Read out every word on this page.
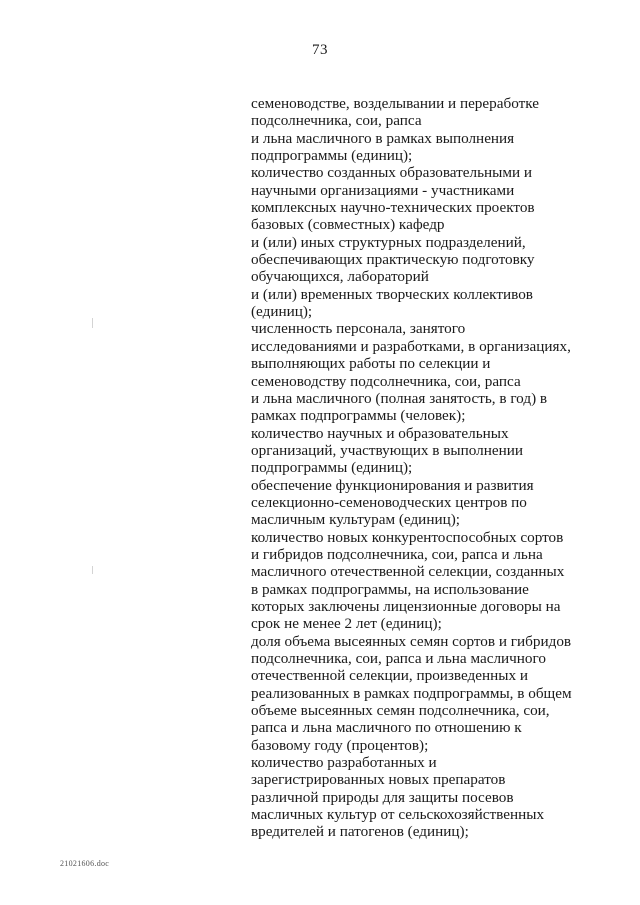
73
семеноводстве, возделывании и переработке
подсолнечника, сои, рапса
и льна масличного в рамках выполнения
подпрограммы (единиц);
количество созданных образовательными и
научными организациями - участниками
комплексных научно-технических проектов
базовых (совместных) кафедр
и (или) иных структурных подразделений,
обеспечивающих практическую подготовку
обучающихся, лабораторий
и (или) временных творческих коллективов
(единиц);
численность персонала, занятого
исследованиями и разработками, в организациях,
выполняющих работы по селекции и
семеноводству подсолнечника, сои, рапса
и льна масличного (полная занятость, в год) в
рамках подпрограммы (человек);
количество научных и образовательных
организаций, участвующих в выполнении
подпрограммы (единиц);
обеспечение функционирования и развития
селекционно-семеноводческих центров по
масличным культурам (единиц);
количество новых конкурентоспособных сортов
и гибридов подсолнечника, сои, рапса и льна
масличного отечественной селекции, созданных
в рамках подпрограммы, на использование
которых заключены лицензионные договоры на
срок не менее 2 лет (единиц);
доля объема высеянных семян сортов и гибридов
подсолнечника, сои, рапса и льна масличного
отечественной селекции, произведенных и
реализованных в рамках подпрограммы, в общем
объеме высеянных семян подсолнечника, сои,
рапса и льна масличного по отношению к
базовому году (процентов);
количество разработанных и
зарегистрированных новых препаратов
различной природы для защиты посевов
масличных культур от сельскохозяйственных
вредителей и патогенов (единиц);
21021606.doc
